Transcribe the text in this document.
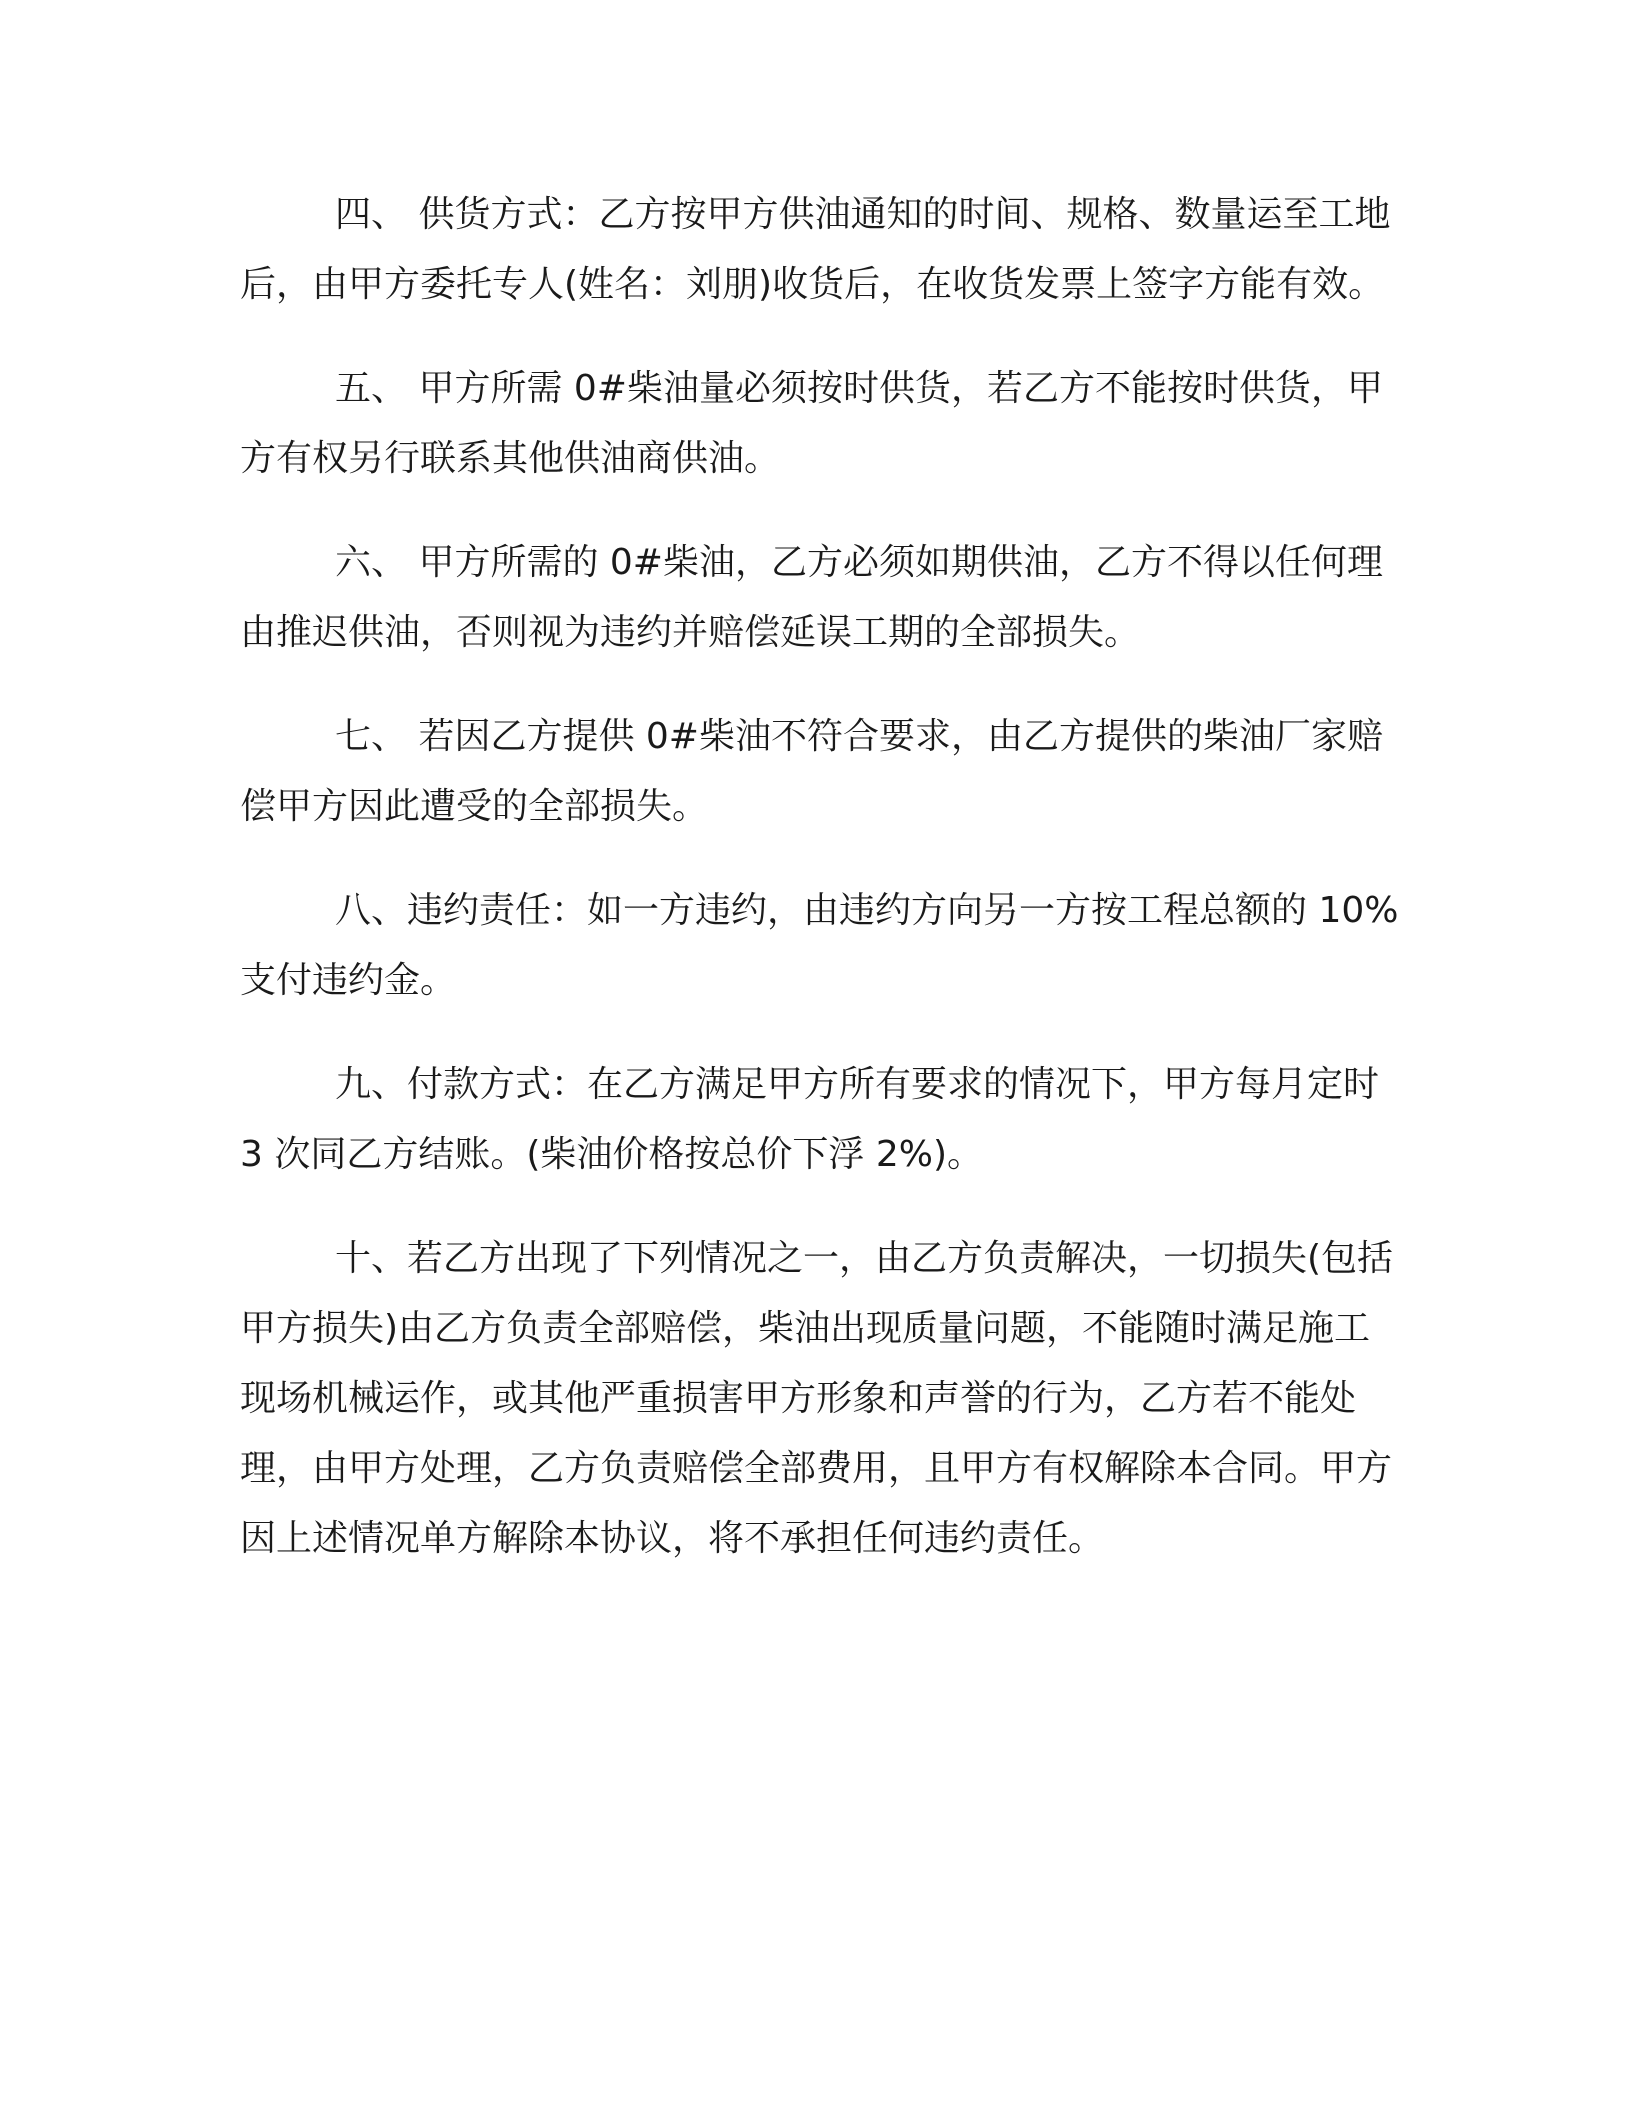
四、 供货方式：乙方按甲方供油通知的时间、规格、数量运至工地后，由甲方委托专人(姓名：刘朋)收货后，在收货发票上签字方能有效。

五、 甲方所需 0#柴油量必须按时供货，若乙方不能按时供货，甲方有权另行联系其他供油商供油。

六、 甲方所需的 0#柴油，乙方必须如期供油，乙方不得以任何理由推迟供油，否则视为违约并赔偿延误工期的全部损失。

七、 若因乙方提供 0#柴油不符合要求，由乙方提供的柴油厂家赔偿甲方因此遭受的全部损失。

八、违约责任：如一方违约，由违约方向另一方按工程总额的 10%支付违约金。

九、付款方式：在乙方满足甲方所有要求的情况下，甲方每月定时 3 次同乙方结账。(柴油价格按总价下浮 2%)。

十、若乙方出现了下列情况之一，由乙方负责解决，一切损失(包括甲方损失)由乙方负责全部赔偿，柴油出现质量问题，不能随时满足施工现场机械运作，或其他严重损害甲方形象和声誉的行为，乙方若不能处理，由甲方处理，乙方负责赔偿全部费用，且甲方有权解除本合同。甲方因上述情况单方解除本协议，将不承担任何违约责任。
